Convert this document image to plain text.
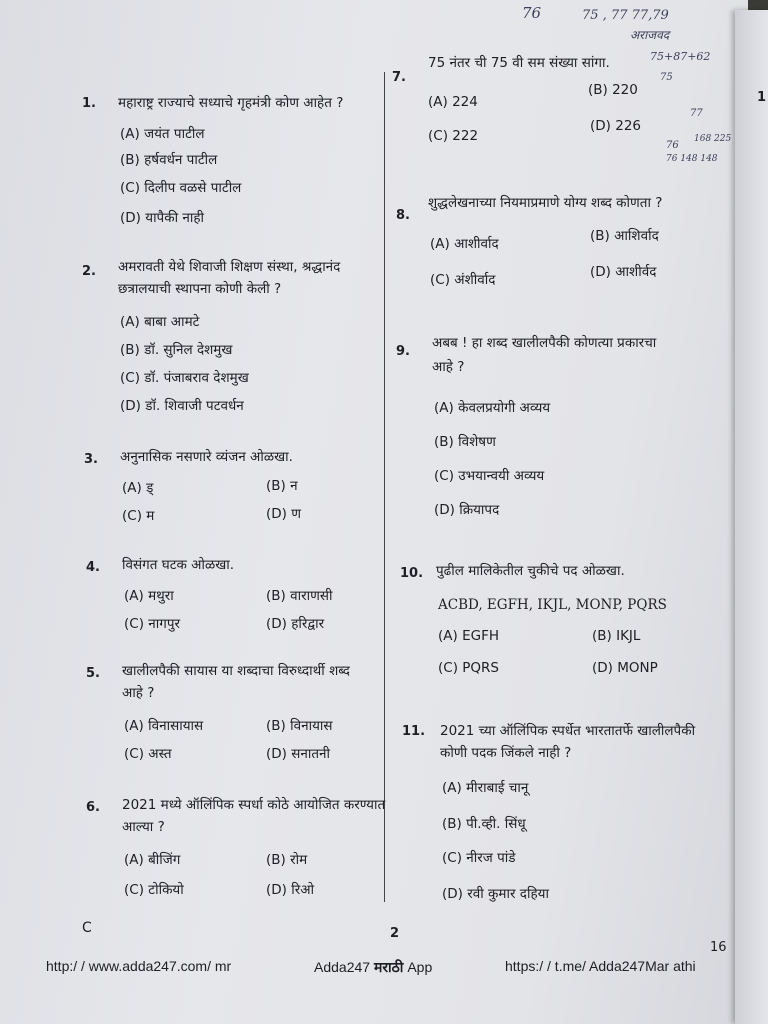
76	75 , 77 77,79
अराजवद
75+87+62
75
77
76
76 148 148
168 225
1. महाराष्ट्र राज्याचे सध्याचे गृहमंत्री कोण आहेत ?
(A) जयंत पाटील
(B) हर्षवर्धन पाटील
(C) दिलीप वळसे पाटील
(D) यापैकी नाही
2. अमरावती येथे शिवाजी शिक्षण संस्था, श्रद्धानंद
छत्रालयाची स्थापना कोणी केली ?
(A) बाबा आमटे
(B) डॉ. सुनिल देशमुख
(C) डॉ. पंजाबराव देशमुख
(D) डॉ. शिवाजी पटवर्धन
3. अनुनासिक नसणारे व्यंजन ओळखा.
(A) ड्	(B) न
(C) म	(D) ण
4. विसंगत घटक ओळखा.
(A) मथुरा	(B) वाराणसी
(C) नागपुर	(D) हरिद्वार
5. खालीलपैकी सायास या शब्दाचा विरुध्दार्थी शब्द
आहे ?
(A) विनासायास	(B) विनायास
(C) अस्त	(D) सनातनी
6. 2021 मध्ये ऑलिंपिक स्पर्धा कोठे आयोजित करण्यात
आल्या ?
(A) बीजिंग	(B) रोम
(C) टोकियो	(D) रिओ
7.
75 नंतर ची 75 वी सम संख्या सांगा.
(A) 224
(B) 220
(C) 222
(D) 226
8.
शुद्धलेखनाच्या नियमाप्रमाणे योग्य शब्द कोणता ?
(A) आशीर्वाद	(B) आशिर्वाद
(C) अंशीर्वाद	(D) आशीर्वद
9.
अबब ! हा शब्द खालीलपैकी कोणत्या प्रकारचा
आहे ?
(A) केवलप्रयोगी अव्यय
(B) विशेषण
(C) उभयान्वयी अव्यय
(D) क्रियापद
10. पुढील मालिकेतील चुकीचे पद ओळखा.
ACBD, EGFH, IKJL, MONP, PQRS
(A) EGFH	(B) IKJL
(C) PQRS	(D) MONP
11. 2021 च्या ऑलिंपिक स्पर्धेत भारतातर्फे खालीलपैकी
कोणी पदक जिंकले नाही ?
(A) मीराबाई चानू
(B) पी.व्ही. सिंधू
(C) नीरज पांडे
(D) रवी कुमार दहिया
C	2
16
http:/ / www.adda247.com/ mr	Adda247 मराठी App	https:/ / t.me/ Adda247Mar athi
1
